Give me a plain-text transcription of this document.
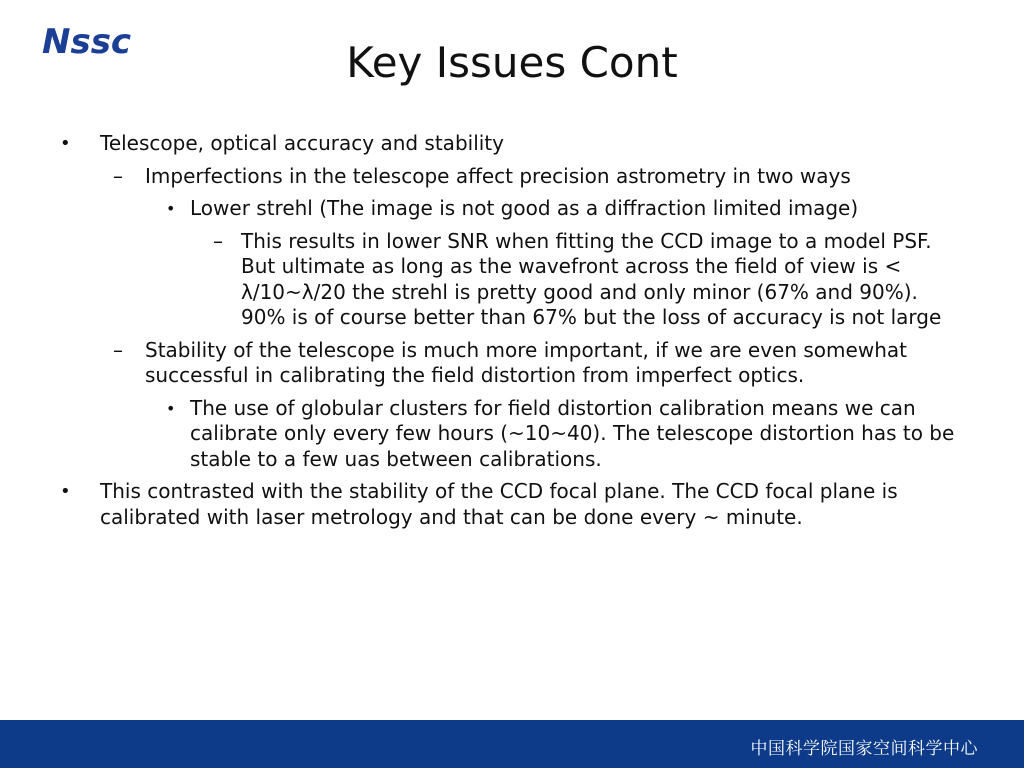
Nssc	Key Issues Cont
• Telescope, optical accuracy and stability
– Imperfections in the telescope affect precision astrometry in two ways
• Lower strehl (The image is not good as a diffraction limited image)
– This results in lower SNR when fitting the CCD image to a model PSF. But ultimate as long as the wavefront across the field of view is < λ/10~λ/20 the strehl is pretty good and only minor (67% and 90%). 90% is of course better than 67% but the loss of accuracy is not large
– Stability of the telescope is much more important, if we are even somewhat successful in calibrating the field distortion from imperfect optics.
• The use of globular clusters for field distortion calibration means we can calibrate only every few hours (~10~40). The telescope distortion has to be stable to a few uas between calibrations.
• This contrasted with the stability of the CCD focal plane. The CCD focal plane is calibrated with laser metrology and that can be done every ~ minute.
中国科学院国家空间科学中心
